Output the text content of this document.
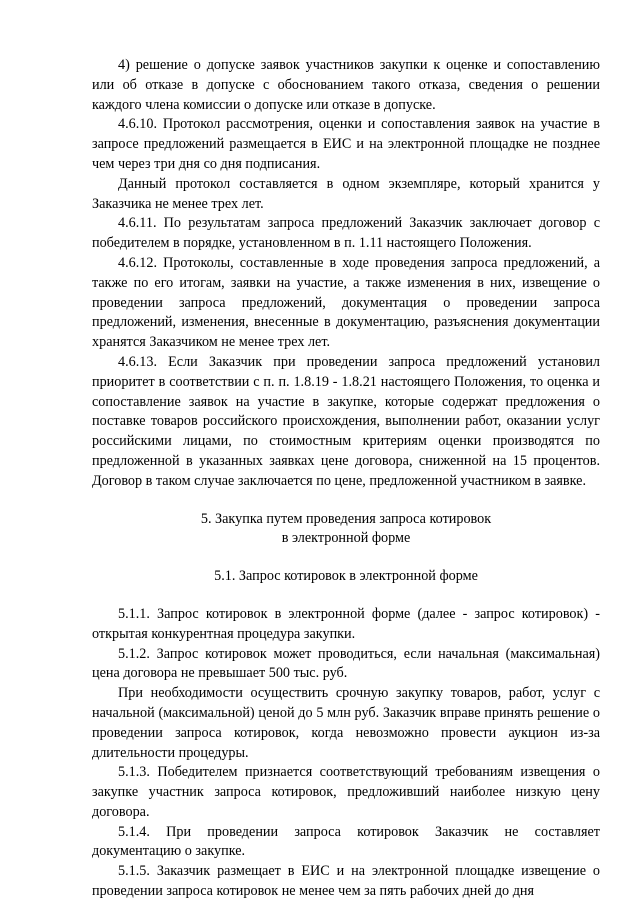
4) решение о допуске заявок участников закупки к оценке и сопоставлению или об отказе в допуске с обоснованием такого отказа, сведения о решении каждого члена комиссии о допуске или отказе в допуске.

4.6.10. Протокол рассмотрения, оценки и сопоставления заявок на участие в запросе предложений размещается в ЕИС и на электронной площадке не позднее чем через три дня со дня подписания.

Данный протокол составляется в одном экземпляре, который хранится у Заказчика не менее трех лет.

4.6.11. По результатам запроса предложений Заказчик заключает договор с победителем в порядке, установленном в п. 1.11 настоящего Положения.

4.6.12. Протоколы, составленные в ходе проведения запроса предложений, а также по его итогам, заявки на участие, а также изменения в них, извещение о проведении запроса предложений, документация о проведении запроса предложений, изменения, внесенные в документацию, разъяснения документации хранятся Заказчиком не менее трех лет.

4.6.13. Если Заказчик при проведении запроса предложений установил приоритет в соответствии с п. п. 1.8.19 - 1.8.21 настоящего Положения, то оценка и сопоставление заявок на участие в закупке, которые содержат предложения о поставке товаров российского происхождения, выполнении работ, оказании услуг российскими лицами, по стоимостным критериям оценки производятся по предложенной в указанных заявках цене договора, сниженной на 15 процентов. Договор в таком случае заключается по цене, предложенной участником в заявке.

5. Закупка путем проведения запроса котировок

в электронной форме

5.1. Запрос котировок в электронной форме

5.1.1. Запрос котировок в электронной форме (далее - запрос котировок) - открытая конкурентная процедура закупки.

5.1.2. Запрос котировок может проводиться, если начальная (максимальная) цена договора не превышает 500 тыс. руб.

При необходимости осуществить срочную закупку товаров, работ, услуг с начальной (максимальной) ценой до 5 млн руб. Заказчик вправе принять решение о проведении запроса котировок, когда невозможно провести аукцион из-за длительности процедуры.

5.1.3. Победителем признается соответствующий требованиям извещения о закупке участник запроса котировок, предложивший наиболее низкую цену договора.

5.1.4. При проведении запроса котировок Заказчик не составляет документацию о закупке.

5.1.5. Заказчик размещает в ЕИС и на электронной площадке извещение о проведении запроса котировок не менее чем за пять рабочих дней до дня
